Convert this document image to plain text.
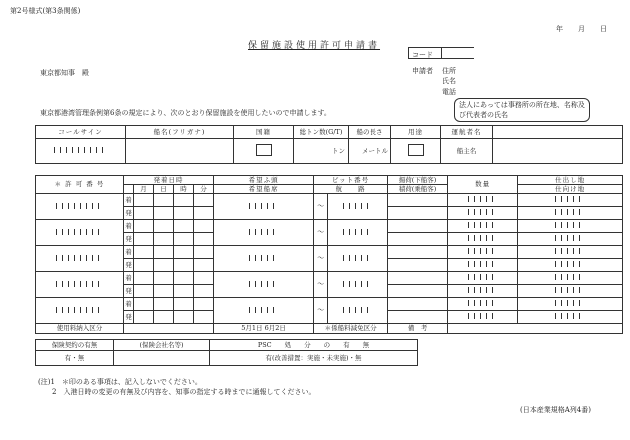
第2号様式(第3条関係)
年　月　日
保留施設使用許可申請書
コード
東京都知事　殿	申請者 住所
氏名
電話
法人にあっては事務所の所在地、名称及び代表者の氏名
東京都港湾管理条例第6条の規定により、次のとおり保留施設を使用したいので申請します。
コールサイン	船名(フリガナ)	国籍	総トン数(G/T)	船の長さ	用途	運航者名	
			トン	メートル		船主名	
＊ 許 可 番 号	発着日時					希望ふ頭	ピット番号		揚荷(下船客)	数量	仕出し地
		月	日	時	分	希望船席	航　　路		積荷(乗船客)		仕向け地
	着						～				
	発										
	着						～				
	発										
	着						～				
	発										
	着						～				
	発										
	着						～				
	発										
使用料納入区分						5月1日 6月2日	＊係船料減免区分		備　考		
保険契約の有無	(保険会社名等)	PSC　　処　　分　　の　　有　　無
有・無		有(改善措置：実施・未実施)・無
(注)1　＊印のある事項は、記入しないでください。
　　2　入港日時の変更の有無及び内容を、知事の指定する時までに通報してください。
(日本産業規格A列4番)
